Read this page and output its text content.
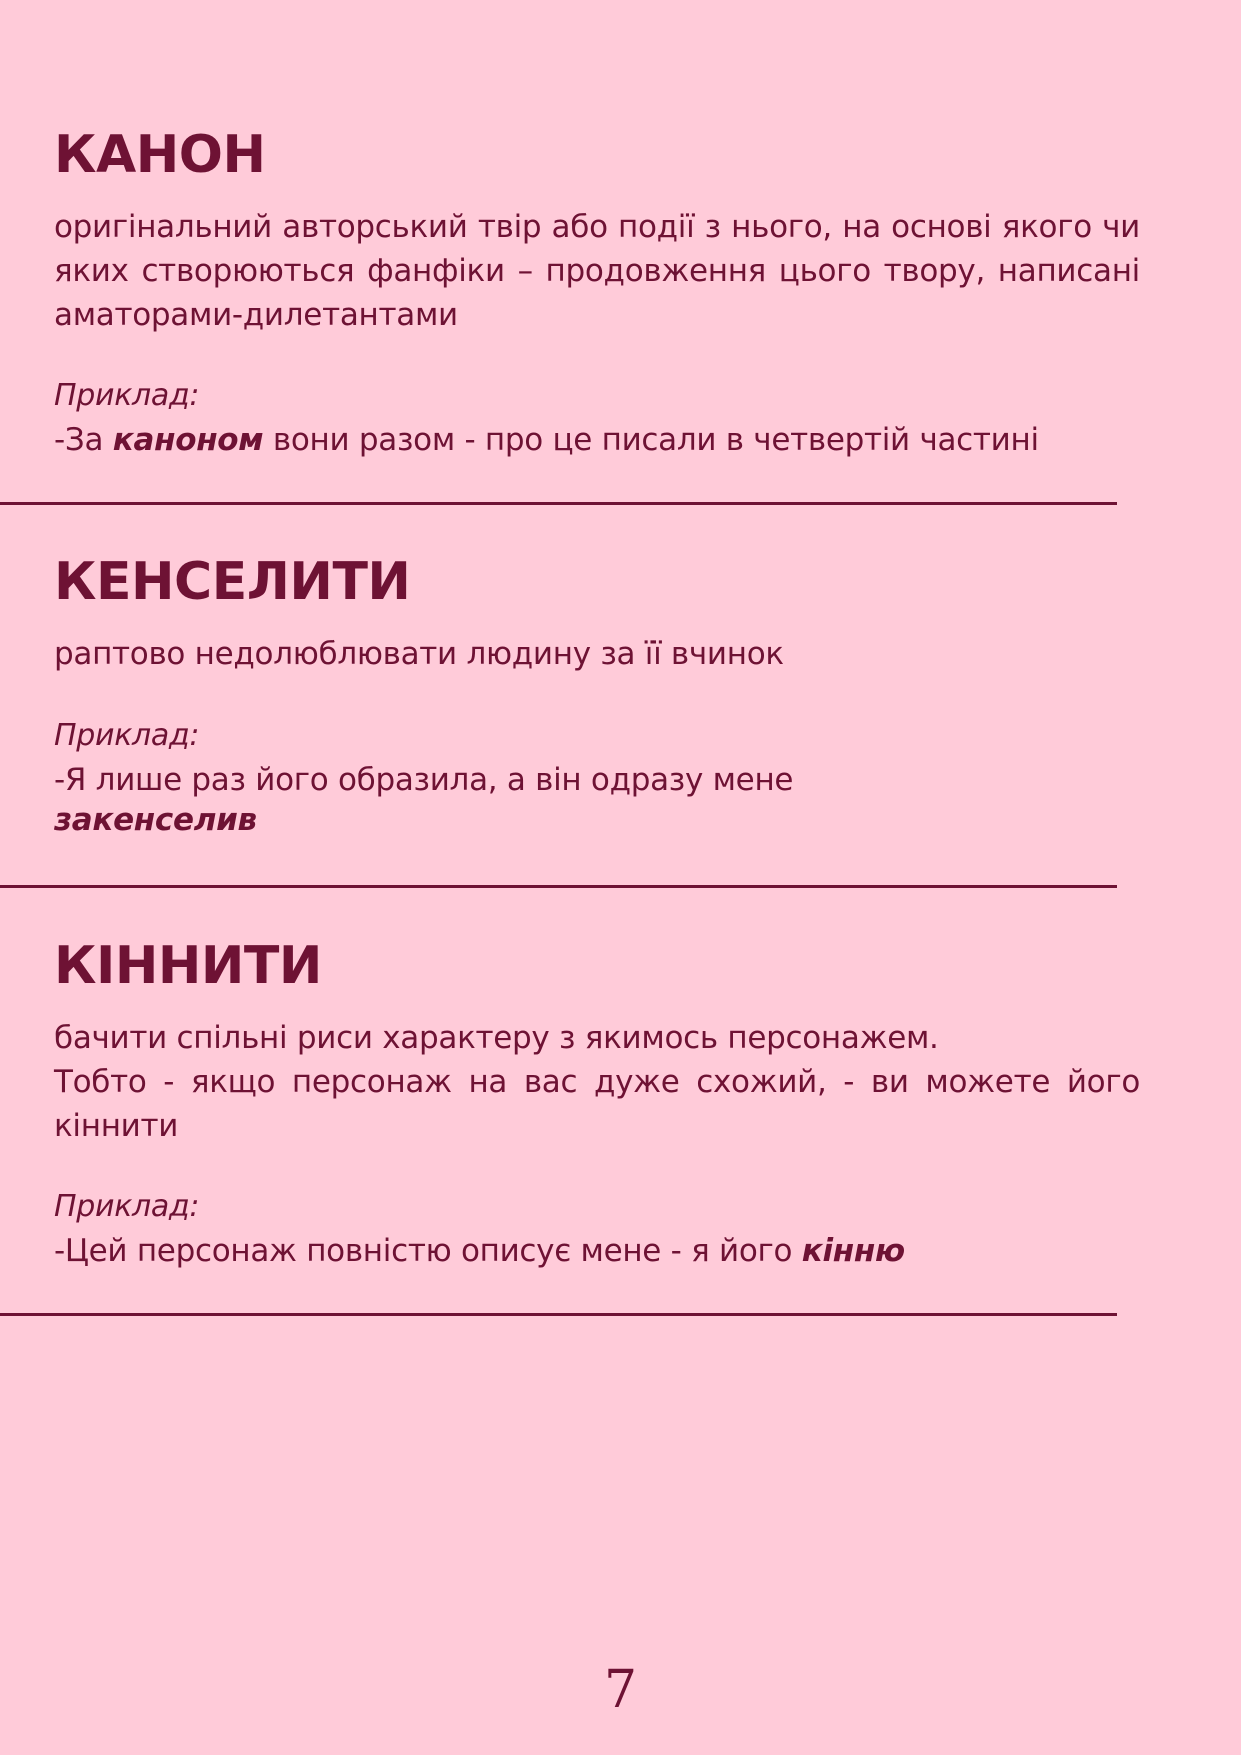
КАНОН

оригінальний авторський твір або події з нього, на основі якого чи
яких створюються фанфіки – продовження цього твору, написані
аматорами-дилетантами

Приклад:

-За каноном вони разом - про це писали в четвертій частині

КЕНСЕЛИТИ

раптово недолюблювати людину за її вчинок

Приклад:

-Я лише раз його образила, а він одразу мене
закенселив

КІННИТИ

бачити спільні риси характеру з якимось персонажем.
Тобто - якщо персонаж на вас дуже схожий, - ви можете його
кіннити

Приклад:

-Цей персонаж повністю описує мене - я його кінню

7
